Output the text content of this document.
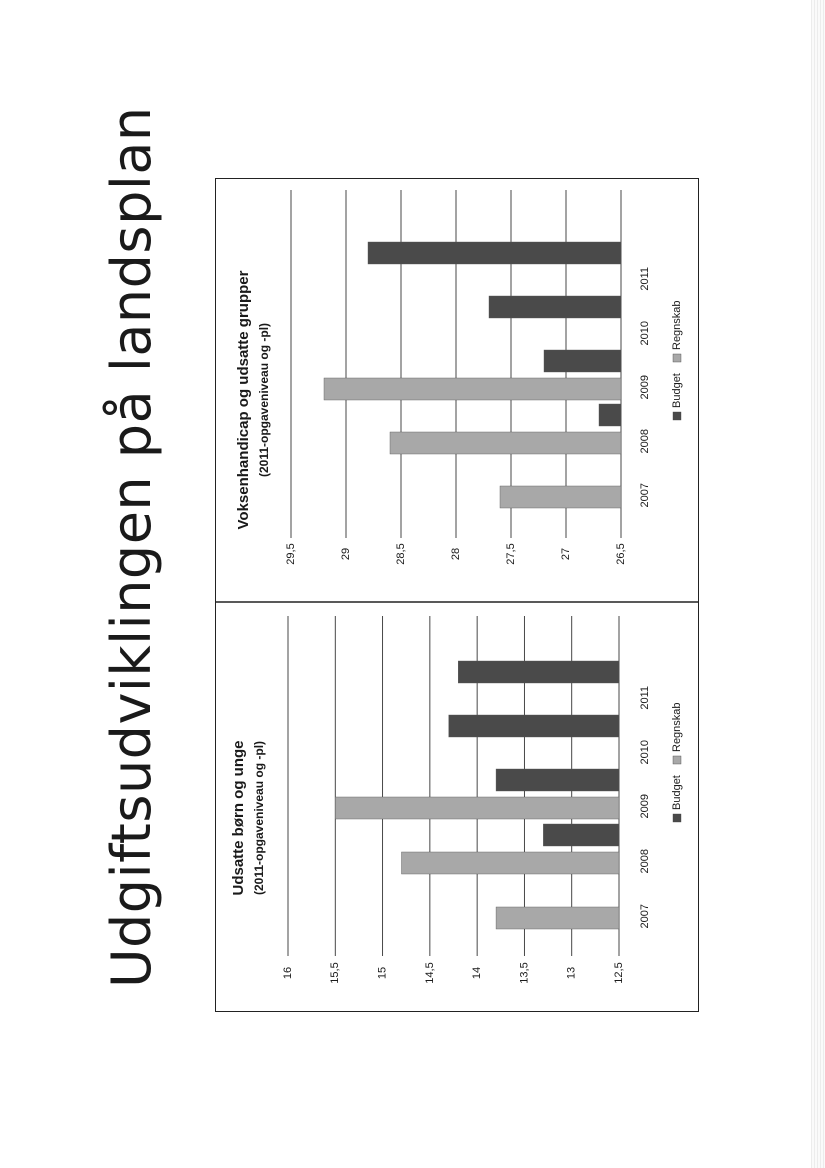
Udgiftsudviklingen på landsplan	12,5
13
13,5
14
14,5
15
15,5
16
2007
2008
2009
2010
2011
Udsatte børn og unge (2011-opgaveniveau og -pl)	Budget
Regnskab
26,5
27
27,5
28
28,5
29
29,5
2007
2008
2009
2010
2011
Voksenhandicap og udsatte grupper (2011-opgaveniveau og -pl)	Budget
Regnskab
